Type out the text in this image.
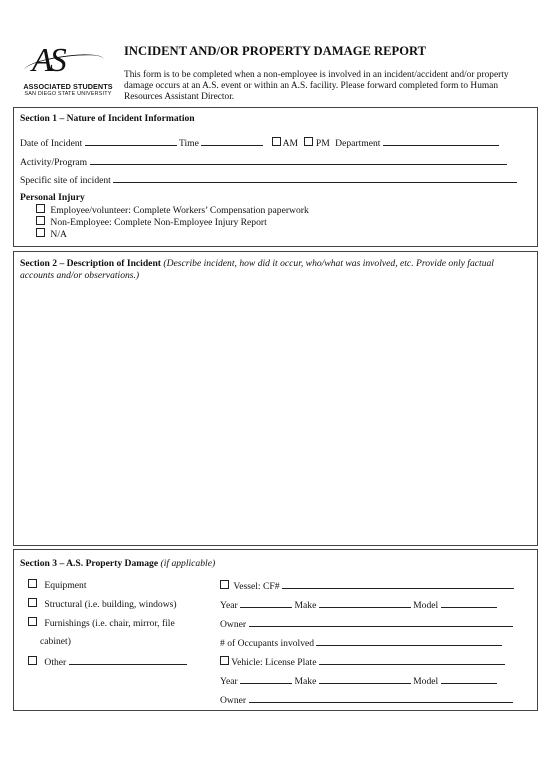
AS
ASSOCIATED STUDENTS
SAN DIEGO STATE UNIVERSITY
INCIDENT AND/OR PROPERTY DAMAGE REPORT
This form is to be completed when a non-employee is involved in an incident/accident and/or property damage occurs at an A.S. event or within an A.S. facility. Please forward completed form to Human Resources Assistant Director.
Section 1 – Nature of Incident Information
Date of Incident	Time	AM PM Department
Activity/Program
Specific site of incident
Personal Injury
Employee/volunteer: Complete Workers’ Compensation paperwork
Non-Employee: Complete Non-Employee Injury Report
N/A
Section 2 – Description of Incident (Describe incident, how did it occur, who/what was involved, etc. Provide only factual accounts and/or observations.)
Section 3 – A.S. Property Damage (if applicable)
Equipment
Structural (i.e. building, windows)
Furnishings (i.e. chair, mirror, file
cabinet)
Other
Vessel: CF#
Year	Make	Model
Owner
# of Occupants involved
Vehicle: License Plate
Year	Make	Model
Owner
